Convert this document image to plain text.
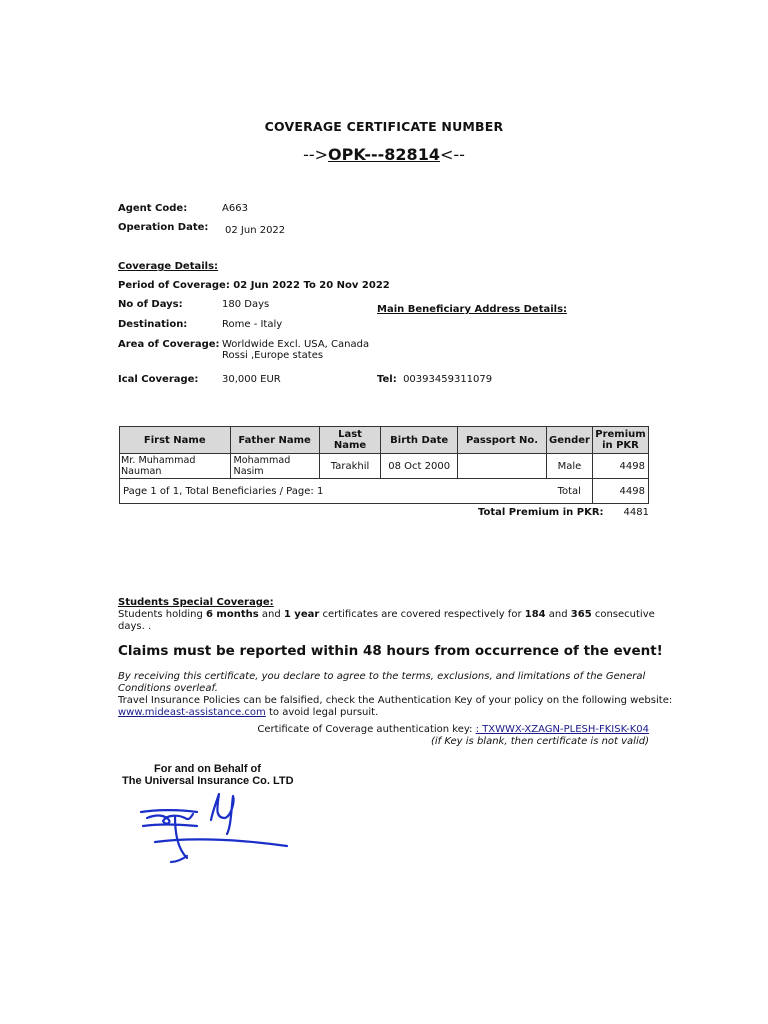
COVERAGE CERTIFICATE NUMBER
-->OPK---82814<--
Agent Code:	A663
Operation Date: 02 Jun 2022
Coverage Details:
Period of Coverage: 02 Jun 2022 To 20 Nov 2022
No of Days:	180 Days	Main Beneficiary Address Details:
Destination:	Rome - Italy
Area of Coverage: Worldwide Excl. USA, Canada
Rossi ,Europe states
Ical Coverage: 30,000 EUR	Tel: 00393459311079
First Name	Father Name	Last Name	Birth Date	Passport No.	Gender	Premium
in PKR
Mr. Muhammad Nauman	Mohammad Nasim	Tarakhil	08 Oct 2000		Male	4498
Page 1 of 1, Total Beneficiaries / Page: 1					Total	4498
Total Premium in PKR:	4481
Students Special Coverage:
Students holding 6 months and 1 year certificates are covered respectively for 184 and 365 consecutive
days. .
Claims must be reported within 48 hours from occurrence of the event!
By receiving this certificate, you declare to agree to the terms, exclusions, and limitations of the General
Conditions overleaf.
Travel Insurance Policies can be falsified, check the Authentication Key of your policy on the following website:
www.mideast-assistance.com to avoid legal pursuit.
Certificate of Coverage authentication key: : TXWWX-XZAGN-PLESH-FKISK-K04
(if Key is blank, then certificate is not valid)
For and on Behalf of
The Universal Insurance Co. LTD
